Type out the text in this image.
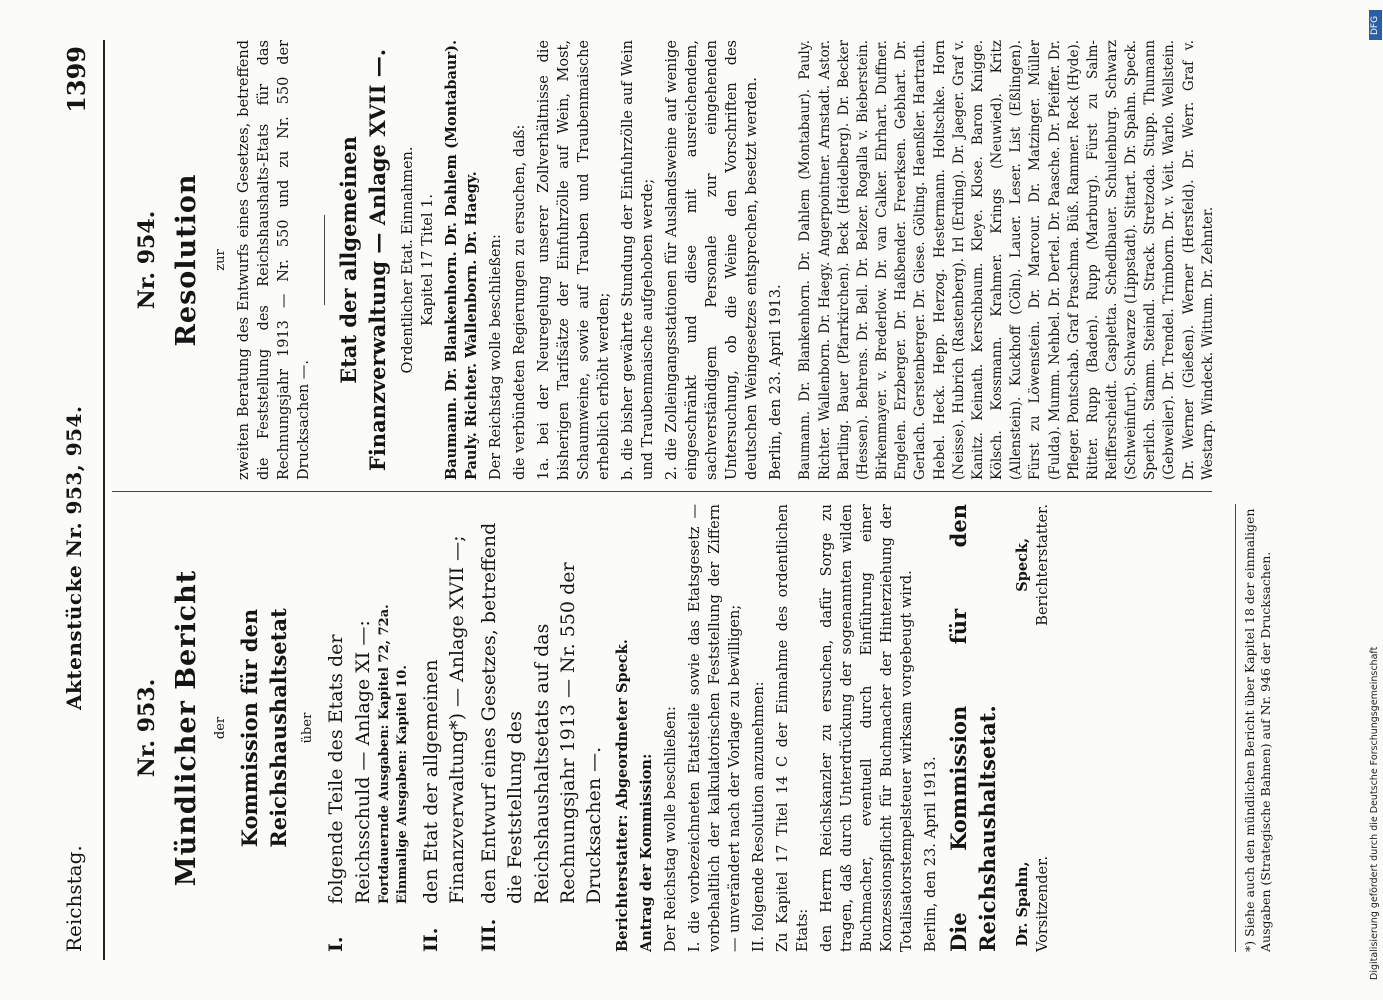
Reichstag.
Aktenstücke Nr. 953, 954.
1399
Nr. 953. Mündlicher Bericht der Kommission für den Reichshaushaltsetat über
I.
folgende Teile des Etats der Reichsschuld — Anlage XI —: Fortdauernde Ausgaben: Kapitel 72, 72a. Einmalige Ausgaben: Kapitel 10.
II.
den Etat der allgemeinen Finanzverwaltung*) — Anlage XVII —;
III.
den Entwurf eines Gesetzes, betreffend die Feststellung des Reichshaushaltsetats auf das Rechnungsjahr 1913 — Nr. 550 der Drucksachen —. Berichterstatter: Abgeordneter Speck. Antrag der Kommission: Der Reichstag wolle beschließen: I. die vorbezeichneten Etatsteile sowie das Etatsgesetz — vorbehaltlich der kalkulatorischen Feststellung der Ziffern — unverändert nach der Vorlage zu bewilligen; II. folgende Resolution anzunehmen: Zu Kapitel 17 Titel 14 C der Einnahme des ordentlichen Etats: den Herrn Reichskanzler zu ersuchen, dafür Sorge zu tragen, daß durch Unterdrückung der sogenannten wilden Buchmacher, eventuell durch Einführung einer Konzessionspflicht für Buchmacher der Hinterziehung der Totalisatorstempelsteuer wirksam vorgebeugt wird. Berlin, den 23. April 1913. Die Kommission für den Reichshaushaltsetat. Dr. Spahn, Vorsitzender.
Speck, Berichterstatter.	*) Siehe auch den mündlichen Bericht über Kapitel 18 der einmaligen Ausgaben (Strategische Bahnen) auf Nr. 946 der Drucksachen.
Nr. 954. Resolution zur zweiten Beratung des Entwurfs eines Gesetzes, betreffend die Feststellung des Reichshaushalts-Etats für das Rechnungsjahr 1913 — Nr. 550 und zu Nr. 550 der Drucksachen —.
Etat der allgemeinen Finanzverwaltung — Anlage XVII —. Ordentlicher Etat. Einnahmen. Kapitel 17 Titel 1. Baumann. Dr. Blankenhorn. Dr. Dahlem (Montabaur). Pauly. Richter. Wallenborn. Dr. Haegy. Der Reichstag wolle beschließen: die verbündeten Regierungen zu ersuchen, daß: 1a. bei der Neuregelung unserer Zollverhältnisse die bisherigen Tarifsätze der Einfuhrzölle auf Wein, Most, Schaumweine, sowie auf Trauben und Traubenmaische erheblich erhöht werden; b. die bisher gewährte Stundung der Einfuhrzölle auf Wein und Traubenmaische aufgehoben werde; 2. die Zolleingangsstationen für Auslandsweine auf wenige eingeschränkt und diese mit ausreichendem, sachverständigem Personale zur eingehenden Untersuchung, ob die Weine den Vorschriften des deutschen Weingesetzes entsprechen, besetzt werden. Berlin, den 23. April 1913. Baumann. Dr. Blankenhorn. Dr. Dahlem (Montabaur). Pauly. Richter. Wallenborn. Dr. Haegy. Angerpointner. Arnstadt. Astor. Bartling. Bauer (Pfarrkirchen). Beck (Heidelberg). Dr. Becker (Hessen). Behrens. Dr. Bell. Dr. Belzer. Rogalla v. Bieberstein. Birkenmayer. v. Brederlow. Dr. van Calker. Ehrhart. Duffner. Engelen. Erzberger. Dr. Haßbender. Freerksen. Gebhart. Dr. Gerlach. Gerstenberger. Dr. Giese. Gölting. Haenßler. Hartrath. Hebel. Heck. Hepp. Herzog. Hestermann. Holtschke. Horn (Neisse). Hubrich (Rastenberg). Irl (Erding). Dr. Jaeger. Graf v. Kanitz. Keinath. Kerschbaum. Kleye. Klose. Baron Knigge. Kölsch. Kossmann. Krahmer. Krings (Neuwied). Kritz (Allenstein). Kuckhoff (Cöln). Lauer. Leser. List (Eßlingen). Fürst zu Löwenstein. Dr. Marcour. Dr. Matzinger. Müller (Fulda). Mumm. Nehbel. Dr. Dertel. Dr. Paasche. Dr. Pfeiffer. Dr. Pfleger. Pontschab. Graf Praschma. Büß. Rammer. Reck (Hyde). Ritter. Rupp (Baden). Rupp (Marburg). Fürst zu Salm-Reifferscheidt. Caspletta. Schedlbauer. Schulenburg. Schwarz (Schweinfurt). Schwarze (Lippstadt). Sittart. Dr. Spahn. Speck. Sperlich. Stamm. Steindl. Strack. Stretzoda. Stupp. Thumann (Gebweiler). Dr. Trendel. Trimborn. Dr. v. Veit. Warlo. Wellstein. Dr. Werner (Gießen). Werner (Hersfeld). Dr. Werr. Graf v. Westarp. Windeck. Wittum. Dr. Zehnter.
DFG
Digitalisierung gefördert durch die Deutsche Forschungsgemeinschaft
